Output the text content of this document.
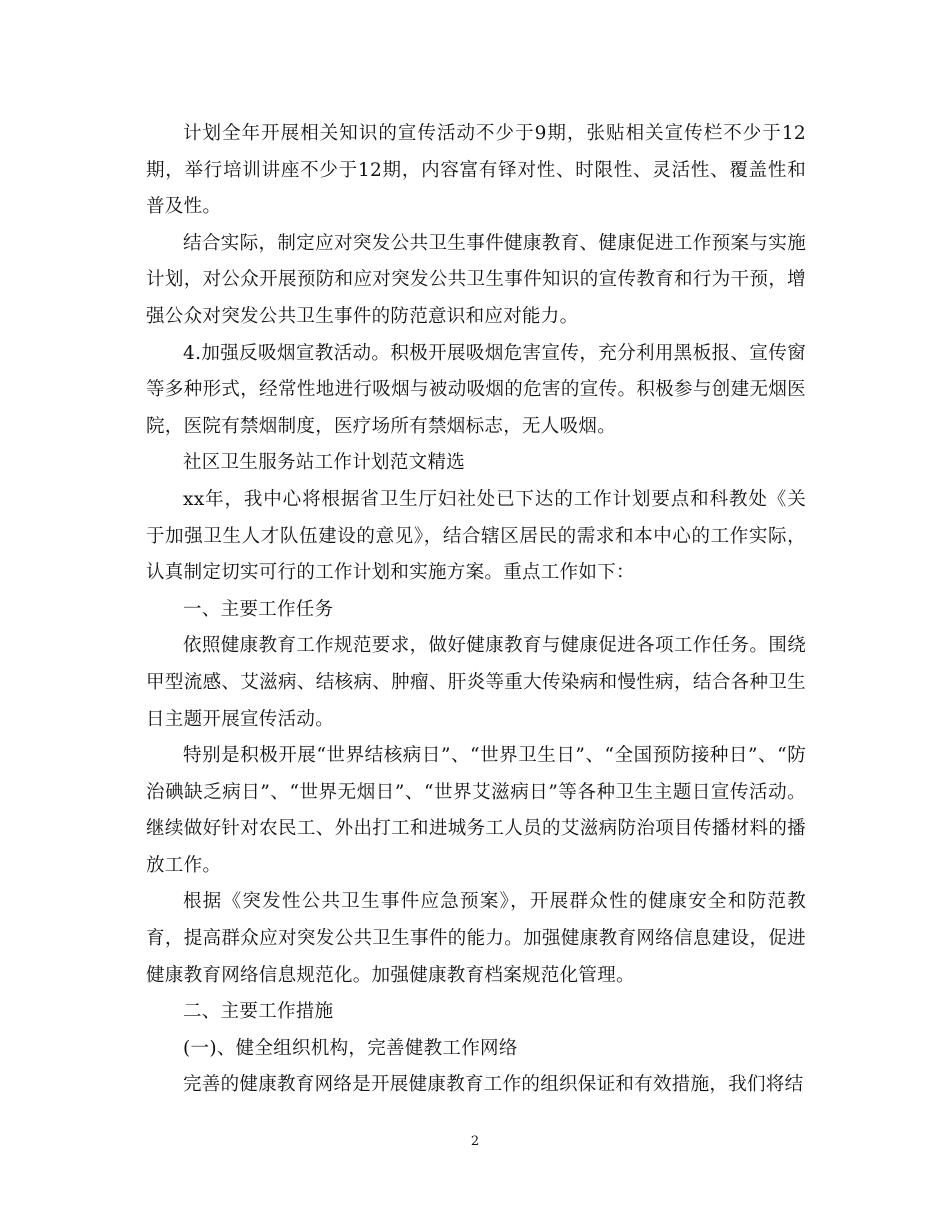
计划全年开展相关知识的宣传活动不少于9期，张贴相关宣传栏不少于12期，举行培训讲座不少于12期，内容富有铎对性、时限性、灵活性、覆盖性和普及性。

结合实际，制定应对突发公共卫生事件健康教育、健康促进工作预案与实施计划，对公众开展预防和应对突发公共卫生事件知识的宣传教育和行为干预，增强公众对突发公共卫生事件的防范意识和应对能力。

4.加强反吸烟宣教活动。积极开展吸烟危害宣传，充分利用黑板报、宣传窗等多种形式，经常性地进行吸烟与被动吸烟的危害的宣传。积极参与创建无烟医院，医院有禁烟制度，医疗场所有禁烟标志，无人吸烟。

社区卫生服务站工作计划范文精选

xx年，我中心将根据省卫生厅妇社处已下达的工作计划要点和科教处《关于加强卫生人才队伍建设的意见》，结合辖区居民的需求和本中心的工作实际，认真制定切实可行的工作计划和实施方案。重点工作如下：

一、主要工作任务

依照健康教育工作规范要求，做好健康教育与健康促进各项工作任务。围绕甲型流感、艾滋病、结核病、肿瘤、肝炎等重大传染病和慢性病，结合各种卫生日主题开展宣传活动。

特别是积极开展“世界结核病日”、“世界卫生日”、“全国预防接种日”、“防治碘缺乏病日”、“世界无烟日”、“世界艾滋病日”等各种卫生主题日宣传活动。继续做好针对农民工、外出打工和进城务工人员的艾滋病防治项目传播材料的播放工作。

根据《突发性公共卫生事件应急预案》，开展群众性的健康安全和防范教育，提高群众应对突发公共卫生事件的能力。加强健康教育网络信息建设，促进健康教育网络信息规范化。加强健康教育档案规范化管理。

二、主要工作措施

(一)、健全组织机构，完善健教工作网络

完善的健康教育网络是开展健康教育工作的组织保证和有效措施，我们将结

2
